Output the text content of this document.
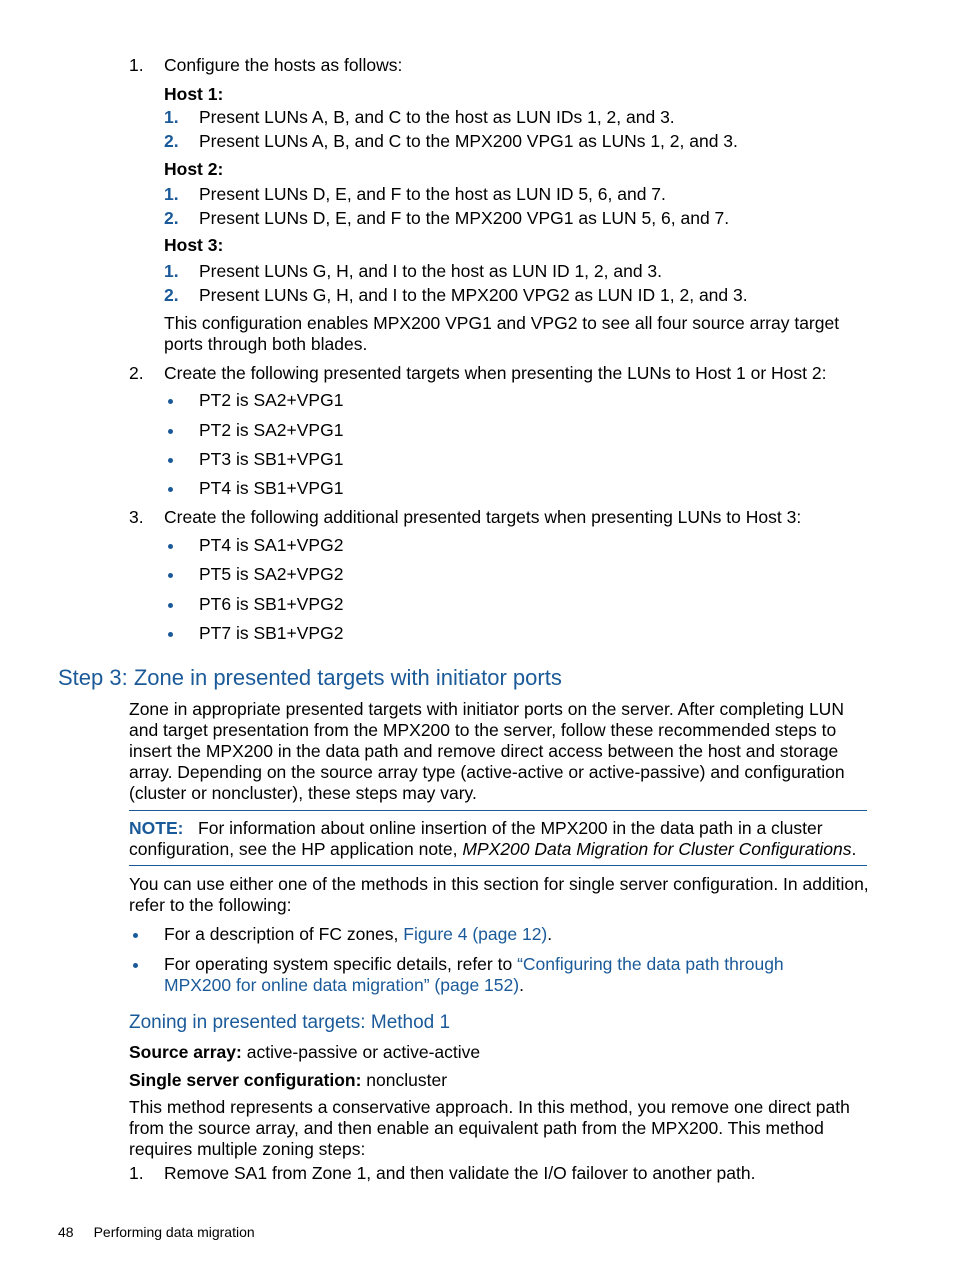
1. Configure the hosts as follows:
Host 1:
1. Present LUNs A, B, and C to the host as LUN IDs 1, 2, and 3.
2. Present LUNs A, B, and C to the MPX200 VPG1 as LUNs 1, 2, and 3.
Host 2:
1. Present LUNs D, E, and F to the host as LUN ID 5, 6, and 7.
2. Present LUNs D, E, and F to the MPX200 VPG1 as LUN 5, 6, and 7.
Host 3:
1. Present LUNs G, H, and I to the host as LUN ID 1, 2, and 3.
2. Present LUNs G, H, and I to the MPX200 VPG2 as LUN ID 1, 2, and 3.
This configuration enables MPX200 VPG1 and VPG2 to see all four source array target ports through both blades.
2. Create the following presented targets when presenting the LUNs to Host 1 or Host 2:
PT2 is SA2+VPG1
PT2 is SA2+VPG1
PT3 is SB1+VPG1
PT4 is SB1+VPG1
3. Create the following additional presented targets when presenting LUNs to Host 3:
PT4 is SA1+VPG2
PT5 is SA2+VPG2
PT6 is SB1+VPG2
PT7 is SB1+VPG2
Step 3: Zone in presented targets with initiator ports
Zone in appropriate presented targets with initiator ports on the server. After completing LUN and target presentation from the MPX200 to the server, follow these recommended steps to insert the MPX200 in the data path and remove direct access between the host and storage array. Depending on the source array type (active-active or active-passive) and configuration (cluster or noncluster), these steps may vary.
NOTE: For information about online insertion of the MPX200 in the data path in a cluster configuration, see the HP application note, MPX200 Data Migration for Cluster Configurations.
You can use either one of the methods in this section for single server configuration. In addition, refer to the following:
For a description of FC zones, Figure 4 (page 12).
For operating system specific details, refer to “Configuring the data path through MPX200 for online data migration” (page 152).
Zoning in presented targets: Method 1
Source array: active-passive or active-active
Single server configuration: noncluster
This method represents a conservative approach. In this method, you remove one direct path from the source array, and then enable an equivalent path from the MPX200. This method requires multiple zoning steps:
1. Remove SA1 from Zone 1, and then validate the I/O failover to another path.
48 Performing data migration
